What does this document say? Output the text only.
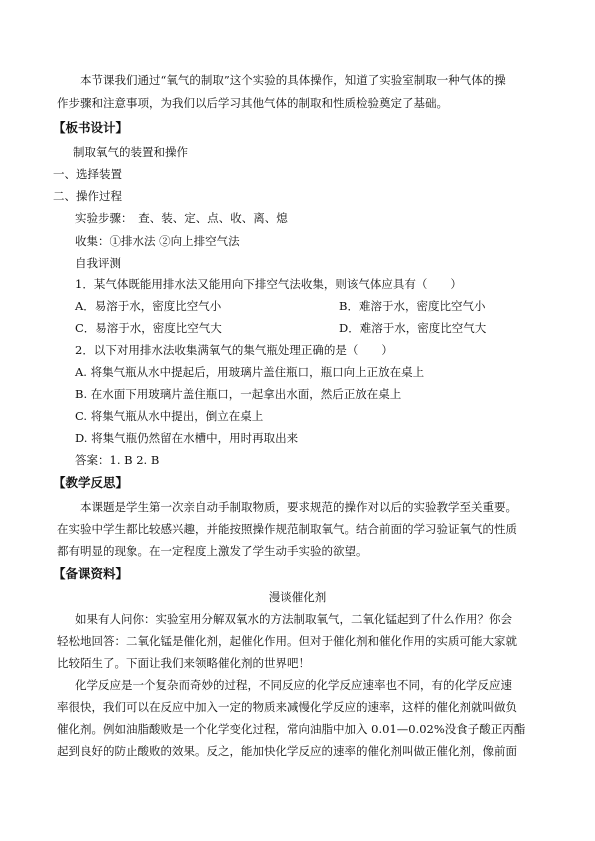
本节课我们通过“氧气的制取”这个实验的具体操作，知道了实验室制取一种气体的操
作步骤和注意事项，为我们以后学习其他气体的制取和性质检验奠定了基础。
【板书设计】
制取氧气的装置和操作
一、选择装置
二、操作过程
实验步骤：　查、装、定、点、收、离、熄
收集：①排水法 ②向上排空气法
自我评测
1．某气体既能用排水法又能用向下排空气法收集，则该气体应具有（　　）
A．易溶于水，密度比空气小	B．难溶于水，密度比空气小
C．易溶于水，密度比空气大	D．难溶于水，密度比空气大
2．以下对用排水法收集满氧气的集气瓶处理正确的是（　　）
A. 将集气瓶从水中提起后，用玻璃片盖住瓶口，瓶口向上正放在桌上
B. 在水面下用玻璃片盖住瓶口，一起拿出水面，然后正放在桌上
C. 将集气瓶从水中提出，倒立在桌上
D. 将集气瓶仍然留在水槽中，用时再取出来
答案：1. B 2. B
【教学反思】
本课题是学生第一次亲自动手制取物质，要求规范的操作对以后的实验教学至关重要。
在实验中学生都比较感兴趣，并能按照操作规范制取氧气。结合前面的学习验证氧气的性质
都有明显的现象。在一定程度上激发了学生动手实验的欲望。
【备课资料】
漫谈催化剂
如果有人问你：实验室用分解双氧水的方法制取氧气，二氧化锰起到了什么作用？你会
轻松地回答：二氧化锰是催化剂，起催化作用。但对于催化剂和催化作用的实质可能大家就
比较陌生了。下面让我们来领略催化剂的世界吧！
化学反应是一个复杂而奇妙的过程，不同反应的化学反应速率也不同，有的化学反应速
率很快，我们可以在反应中加入一定的物质来减慢化学反应的速率，这样的催化剂就叫做负
催化剂。例如油脂酸败是一个化学变化过程，常向油脂中加入 0.01—0.02%没食子酸正丙酯
起到良好的防止酸败的效果。反之，能加快化学反应的速率的催化剂叫做正催化剂，像前面
